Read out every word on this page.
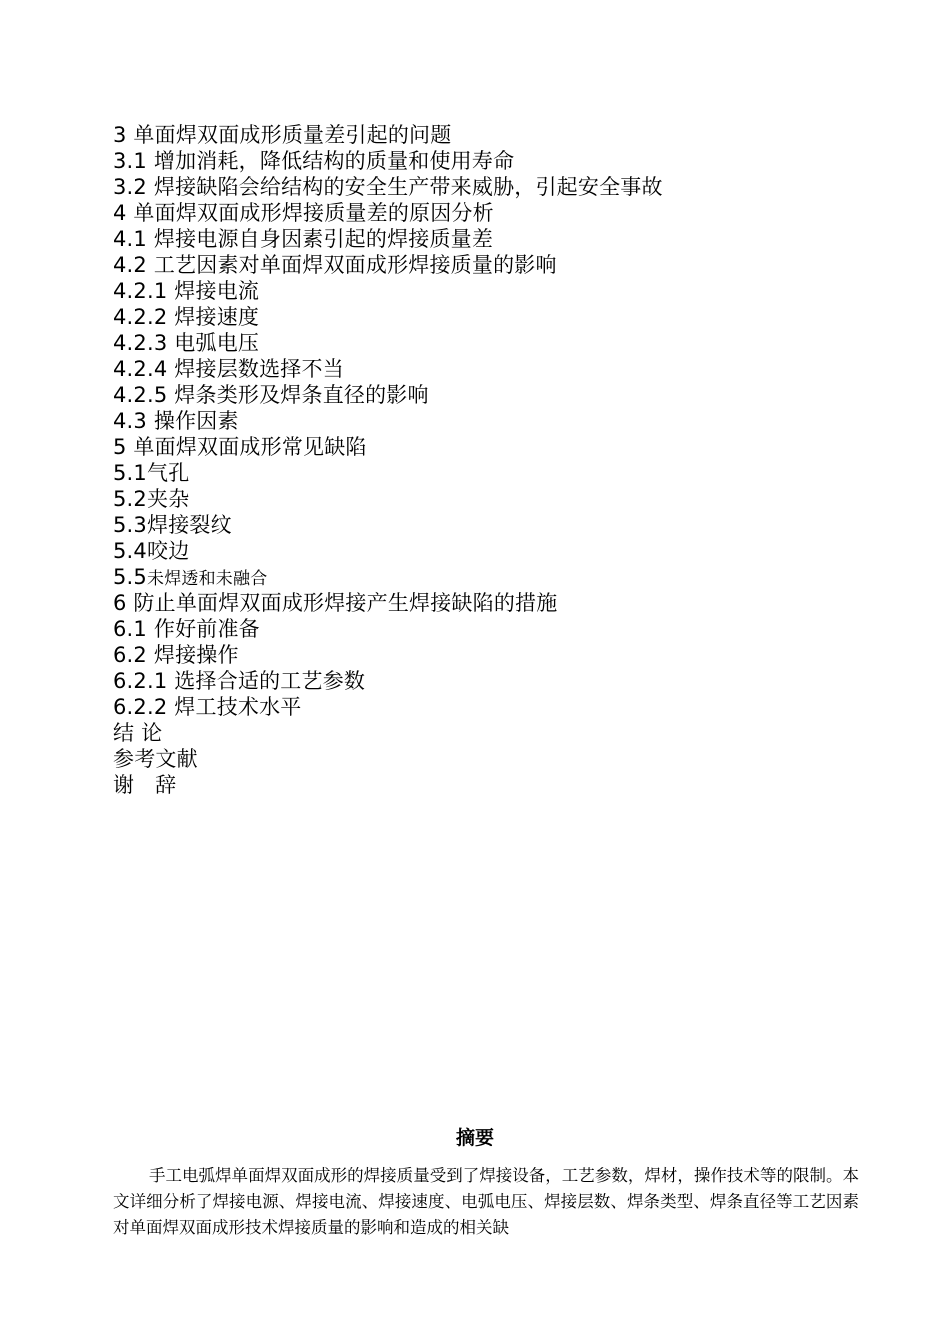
3 单面焊双面成形质量差引起的问题
3.1 增加消耗，降低结构的质量和使用寿命
3.2 焊接缺陷会给结构的安全生产带来威胁，引起安全事故
4 单面焊双面成形焊接质量差的原因分析
4.1 焊接电源自身因素引起的焊接质量差
4.2 工艺因素对单面焊双面成形焊接质量的影响
4.2.1 焊接电流
4.2.2 焊接速度
4.2.3 电弧电压
4.2.4 焊接层数选择不当
4.2.5 焊条类形及焊条直径的影响
4.3 操作因素
5 单面焊双面成形常见缺陷
5.1气孔
5.2夹杂
5.3焊接裂纹
5.4咬边
5.5未焊透和未融合
6 防止单面焊双面成形焊接产生焊接缺陷的措施
6.1 作好前准备
6.2 焊接操作
6.2.1 选择合适的工艺参数
6.2.2 焊工技术水平
结 论
参考文献
谢 辞
摘要
手工电弧焊单面焊双面成形的焊接质量受到了焊接设备，工艺参数，焊材，操作技术等的限制。本文详细分析了焊接电源、焊接电流、焊接速度、电弧电压、焊接层数、焊条类型、焊条直径等工艺因素对单面焊双面成形技术焊接质量的影响和造成的相关缺
